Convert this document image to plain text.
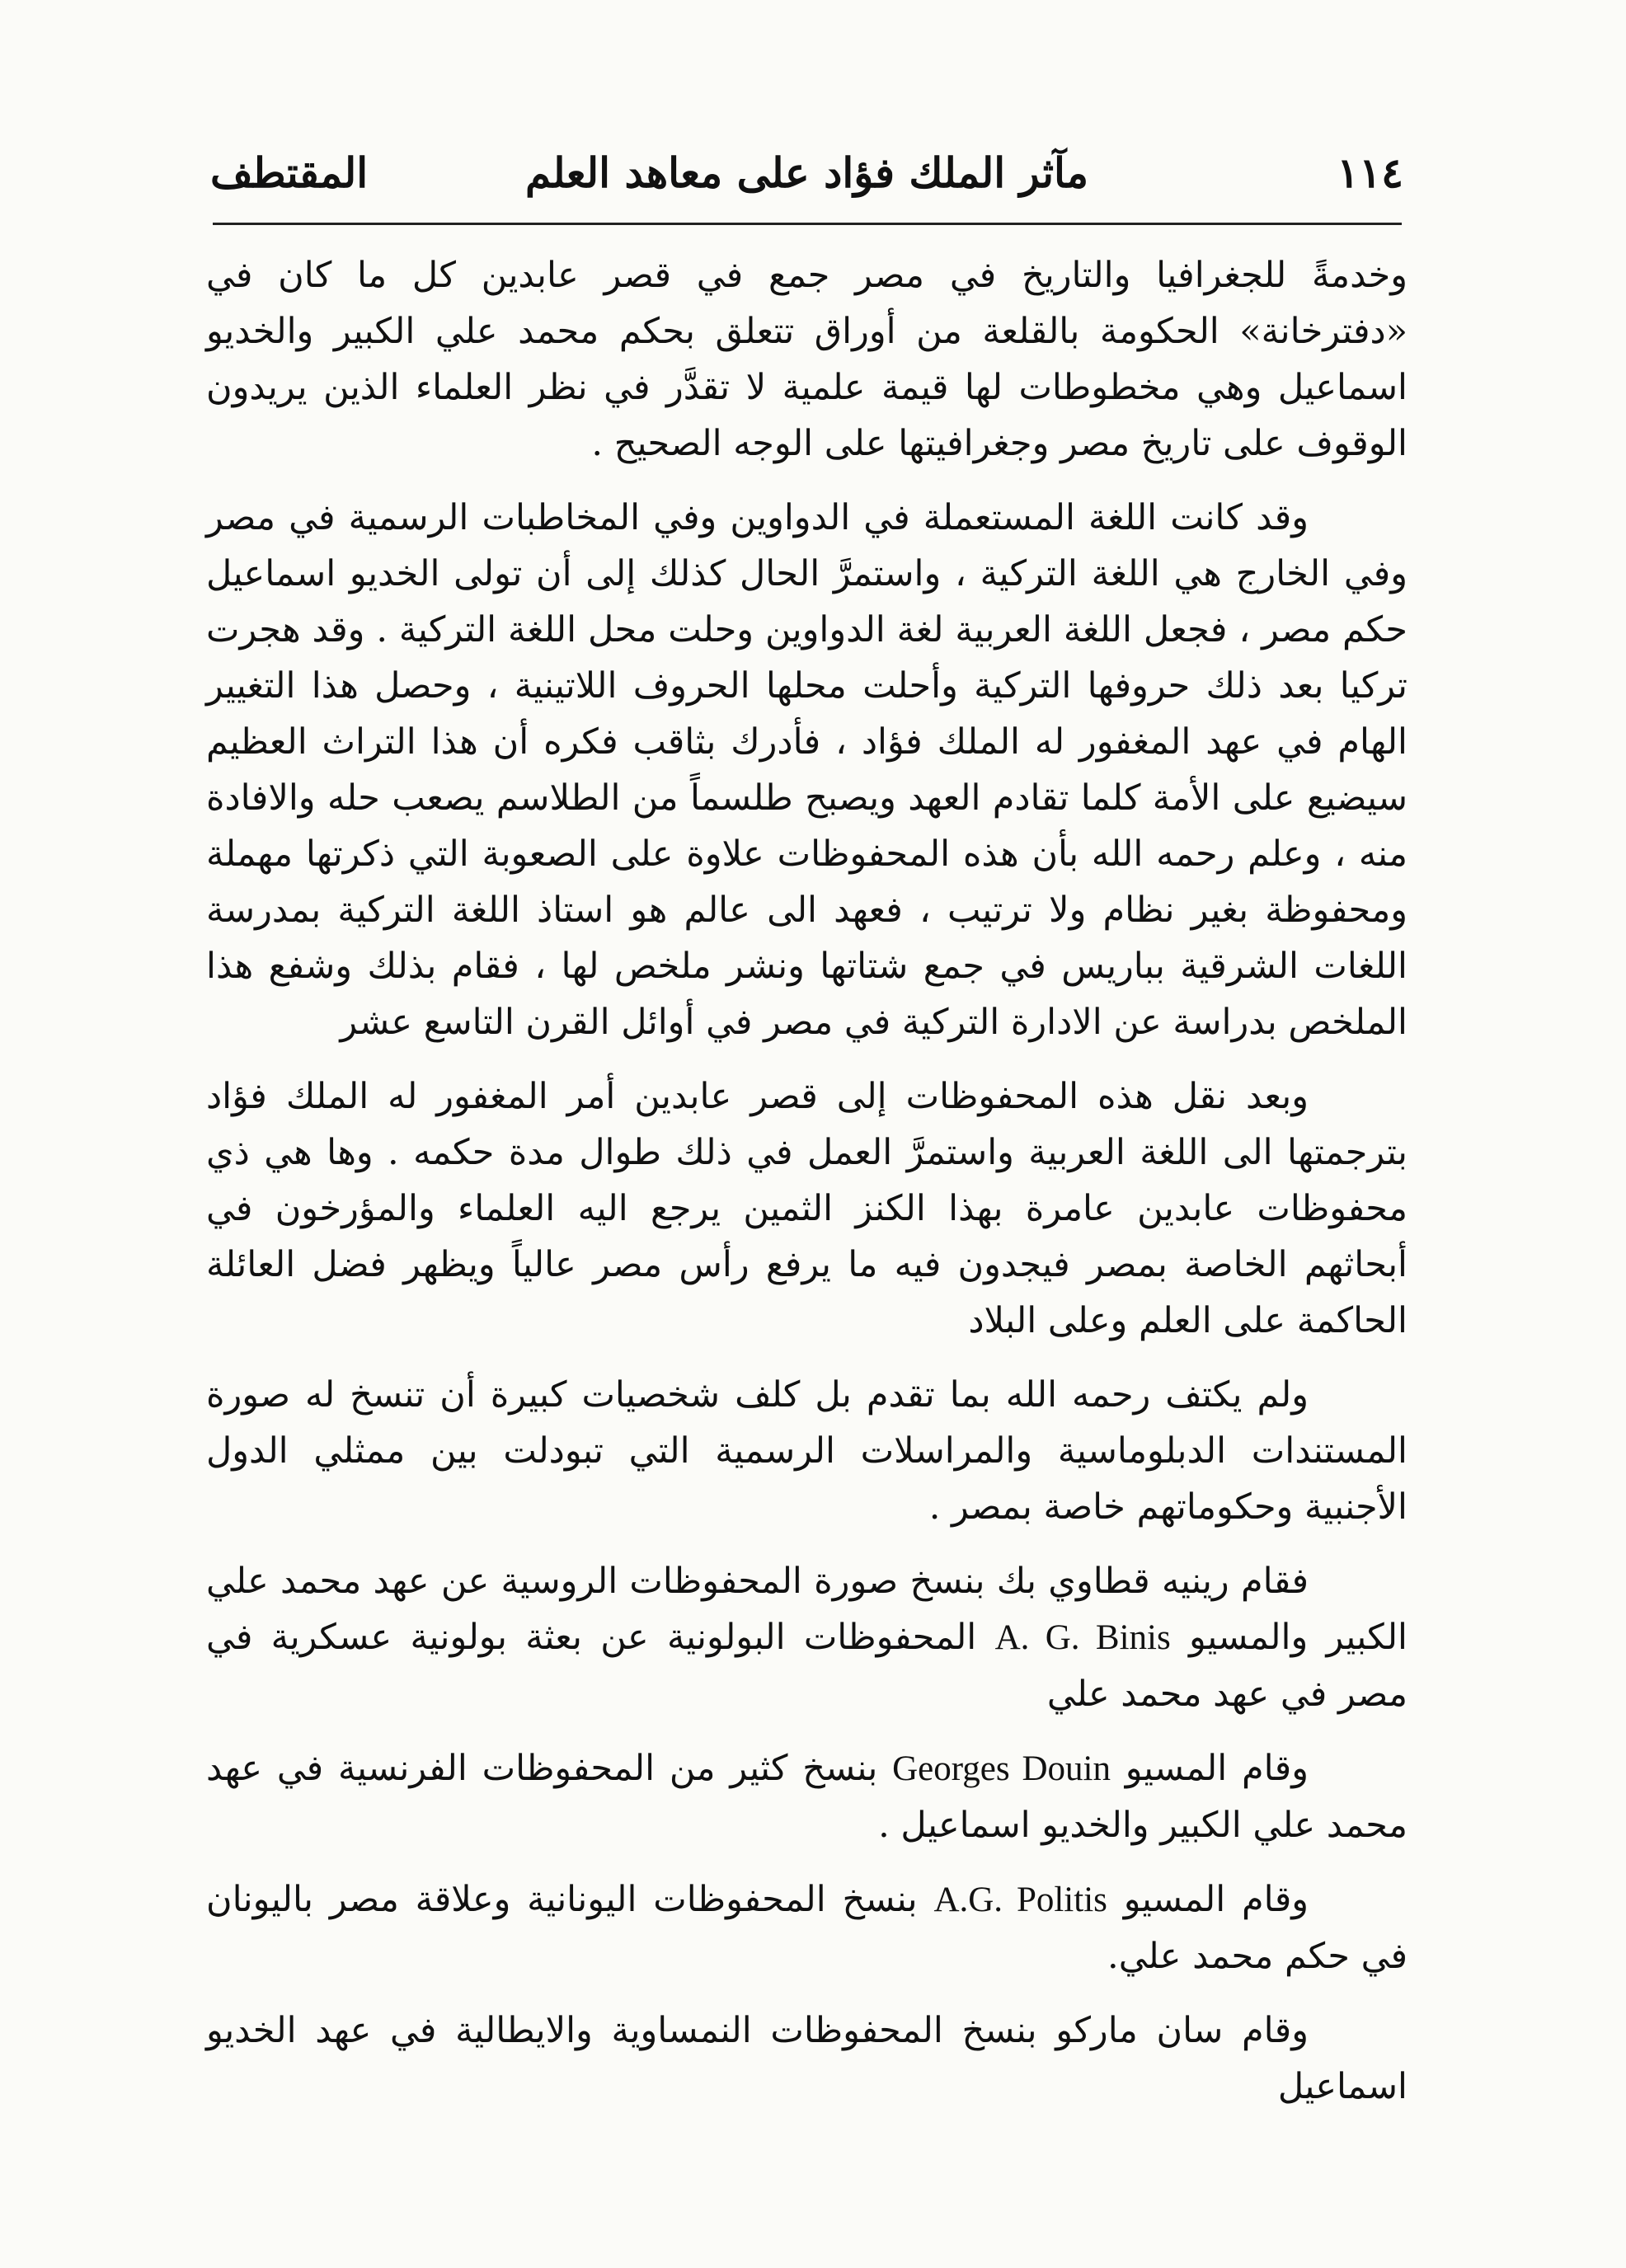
١١٤
مآثر الملك فؤاد على معاهد العلم
المقتطف

وخدمةً للجغرافيا والتاريخ في مصر جمع في قصر عابدين كل ما كان في «دفترخانة» الحكومة بالقلعة من أوراق تتعلق بحكم محمد علي الكبير والخديو اسماعيل وهي مخطوطات لها قيمة علمية لا تقدَّر في نظر العلماء الذين يريدون الوقوف على تاريخ مصر وجغرافيتها على الوجه الصحيح .

وقد كانت اللغة المستعملة في الدواوين وفي المخاطبات الرسمية في مصر وفي الخارج هي اللغة التركية ، واستمرَّ الحال كذلك إلى أن تولى الخديو اسماعيل حكم مصر ، فجعل اللغة العربية لغة الدواوين وحلت محل اللغة التركية . وقد هجرت تركيا بعد ذلك حروفها التركية وأحلت محلها الحروف اللاتينية ، وحصل هذا التغيير الهام في عهد المغفور له الملك فؤاد ، فأدرك بثاقب فكره أن هذا التراث العظيم سيضيع على الأمة كلما تقادم العهد ويصبح طلسماً من الطلاسم يصعب حله والافادة منه ، وعلم رحمه الله بأن هذه المحفوظات علاوة على الصعوبة التي ذكرتها مهملة ومحفوظة بغير نظام ولا ترتيب ، فعهد الى عالم هو استاذ اللغة التركية بمدرسة اللغات الشرقية بباريس في جمع شتاتها ونشر ملخص لها ، فقام بذلك وشفع هذا الملخص بدراسة عن الادارة التركية في مصر في أوائل القرن التاسع عشر

وبعد نقل هذه المحفوظات إلى قصر عابدين أمر المغفور له الملك فؤاد بترجمتها الى اللغة العربية واستمرَّ العمل في ذلك طوال مدة حكمه . وها هي ذي محفوظات عابدين عامرة بهذا الكنز الثمين يرجع اليه العلماء والمؤرخون في أبحاثهم الخاصة بمصر فيجدون فيه ما يرفع رأس مصر عالياً ويظهر فضل العائلة الحاكمة على العلم وعلى البلاد

ولم يكتف رحمه الله بما تقدم بل كلف شخصيات كبيرة أن تنسخ له صورة المستندات الدبلوماسية والمراسلات الرسمية التي تبودلت بين ممثلي الدول الأجنبية وحكوماتهم خاصة بمصر .

فقام رينيه قطاوي بك بنسخ صورة المحفوظات الروسية عن عهد محمد علي الكبير والمسيو A. G. Binis المحفوظات البولونية عن بعثة بولونية عسكرية في مصر في عهد محمد علي

وقام المسيو Georges Douin بنسخ كثير من المحفوظات الفرنسية في عهد محمد علي الكبير والخديو اسماعيل .

وقام المسيو A.G. Politis بنسخ المحفوظات اليونانية وعلاقة مصر باليونان في حكم محمد علي.

وقام سان ماركو بنسخ المحفوظات النمساوية والايطالية في عهد الخديو اسماعيل
